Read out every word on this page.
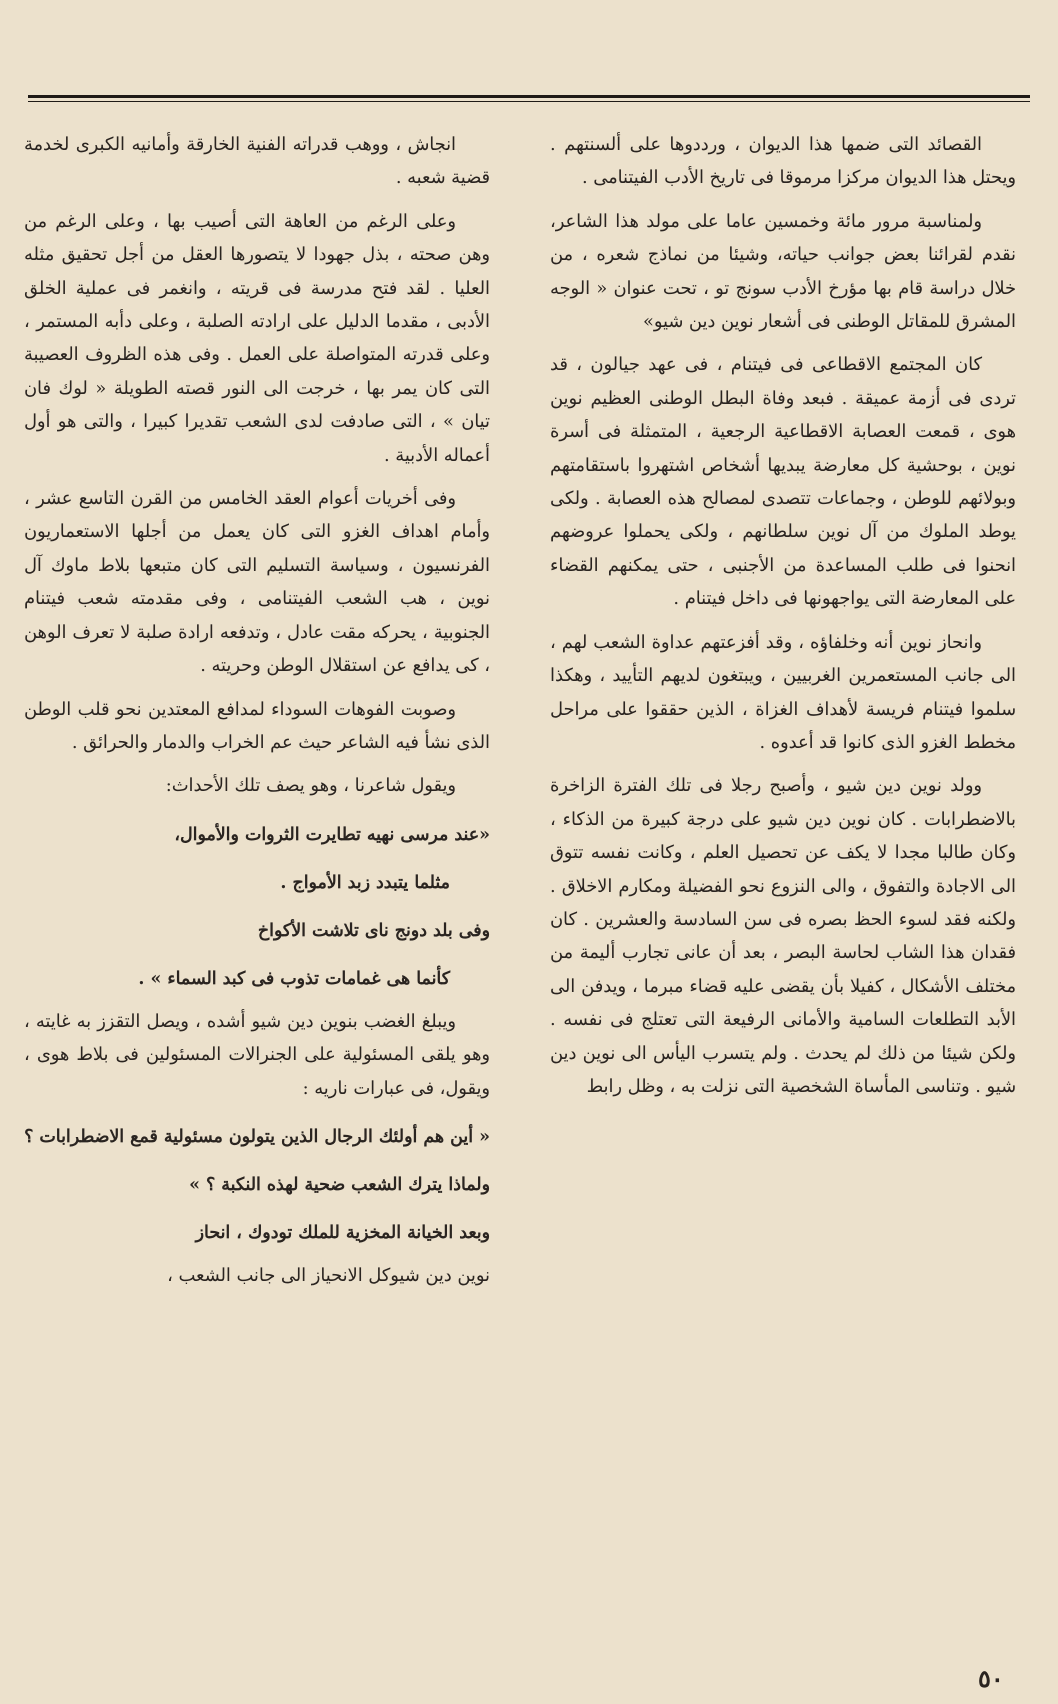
القصائد التى ضمها هذا الديوان ، ورددوها على ألسنتهم . ويحتل هذا الديوان مركزا مرموقا فى تاريخ الأدب الفيتنامى .

ولمناسبة مرور مائة وخمسين عاما على مولد هذا الشاعر، نقدم لقرائنا بعض جوانب حياته، وشيئا من نماذج شعره ، من خلال دراسة قام بها مؤرخ الأدب سونج تو ، تحت عنوان « الوجه المشرق للمقاتل الوطنى فى أشعار نوين دين شيو»

كان المجتمع الاقطاعى فى فيتنام ، فى عهد جيالون ، قد تردى فى أزمة عميقة . فبعد وفاة البطل الوطنى العظيم نوين هوى ، قمعت العصابة الاقطاعية الرجعية ، المتمثلة فى أسرة نوين ، بوحشية كل معارضة يبديها أشخاص اشتهروا باستقامتهم وبولائهم للوطن ، وجماعات تتصدى لمصالح هذه العصابة . ولكى يوطد الملوك من آل نوين سلطانهم ، ولكى يحملوا عروضهم انحنوا فى طلب المساعدة من الأجنبى ، حتى يمكنهم القضاء على المعارضة التى يواجهونها فى داخل فيتنام .

وانحاز نوين أنه وخلفاؤه ، وقد أفزعتهم عداوة الشعب لهم ، الى جانب المستعمرين الغربيين ، ويبتغون لديهم التأييد ، وهكذا سلموا فيتنام فريسة لأهداف الغزاة ، الذين حققوا على مراحل مخطط الغزو الذى كانوا قد أعدوه .

وولد نوين دين شيو ، وأصبح رجلا فى تلك الفترة الزاخرة بالاضطرابات . كان نوين دين شيو على درجة كبيرة من الذكاء ، وكان طالبا مجدا لا يكف عن تحصيل العلم ، وكانت نفسه تتوق الى الاجادة والتفوق ، والى النزوع نحو الفضيلة ومكارم الاخلاق . ولكنه فقد لسوء الحظ بصره فى سن السادسة والعشرين . كان فقدان هذا الشاب لحاسة البصر ، بعد أن عانى تجارب أليمة من مختلف الأشكال ، كفيلا بأن يقضى عليه قضاء مبرما ، ويدفن الى الأبد التطلعات السامية والأمانى الرفيعة التى تعتلج فى نفسه . ولكن شيئا من ذلك لم يحدث . ولم يتسرب اليأس الى نوين دين شيو . وتناسى المأساة الشخصية التى نزلت به ، وظل رابط

انجاش ، ووهب قدراته الفنية الخارقة وأمانيه الكبرى لخدمة قضية شعبه .

وعلى الرغم من العاهة التى أصيب بها ، وعلى الرغم من وهن صحته ، بذل جهودا لا يتصورها العقل من أجل تحقيق مثله العليا . لقد فتح مدرسة فى قريته ، وانغمر فى عملية الخلق الأدبى ، مقدما الدليل على ارادته الصلبة ، وعلى دأبه المستمر ، وعلى قدرته المتواصلة على العمل . وفى هذه الظروف العصيبة التى كان يمر بها ، خرجت الى النور قصته الطويلة « لوك فان تيان » ، التى صادفت لدى الشعب تقديرا كبيرا ، والتى هو أول أعماله الأدبية .

وفى أخريات أعوام العقد الخامس من القرن التاسع عشر ، وأمام اهداف الغزو التى كان يعمل من أجلها الاستعماريون الفرنسيون ، وسياسة التسليم التى كان متبعها بلاط ماوك آل نوين ، هب الشعب الفيتنامى ، وفى مقدمته شعب فيتنام الجنوبية ، يحركه مقت عادل ، وتدفعه ارادة صلبة لا تعرف الوهن ، كى يدافع عن استقلال الوطن وحريته .

وصوبت الفوهات السوداء لمدافع المعتدين نحو قلب الوطن الذى نشأ فيه الشاعر حيث عم الخراب والدمار والحرائق .

ويقول شاعرنا ، وهو يصف تلك الأحداث:

«عند مرسى نهيه تطايرت الثروات والأموال،

مثلما يتبدد زبد الأمواج .

وفى بلد دونج ناى تلاشت الأكواخ

كأنما هى غمامات تذوب فى كبد السماء » .

ويبلغ الغضب بنوين دين شيو أشده ، ويصل التقزز به غايته ، وهو يلقى المسئولية على الجنرالات المسئولين فى بلاط هوى ، ويقول، فى عبارات ناريه :

« أين هم أولئك الرجال الذين يتولون مسئولية قمع الاضطرابات ؟

ولماذا يترك الشعب ضحية لهذه النكبة ؟ »

وبعد الخيانة المخزية للملك تودوك ، انحاز

نوين دين شيوكل الانحياز الى جانب الشعب ،

٥٠
